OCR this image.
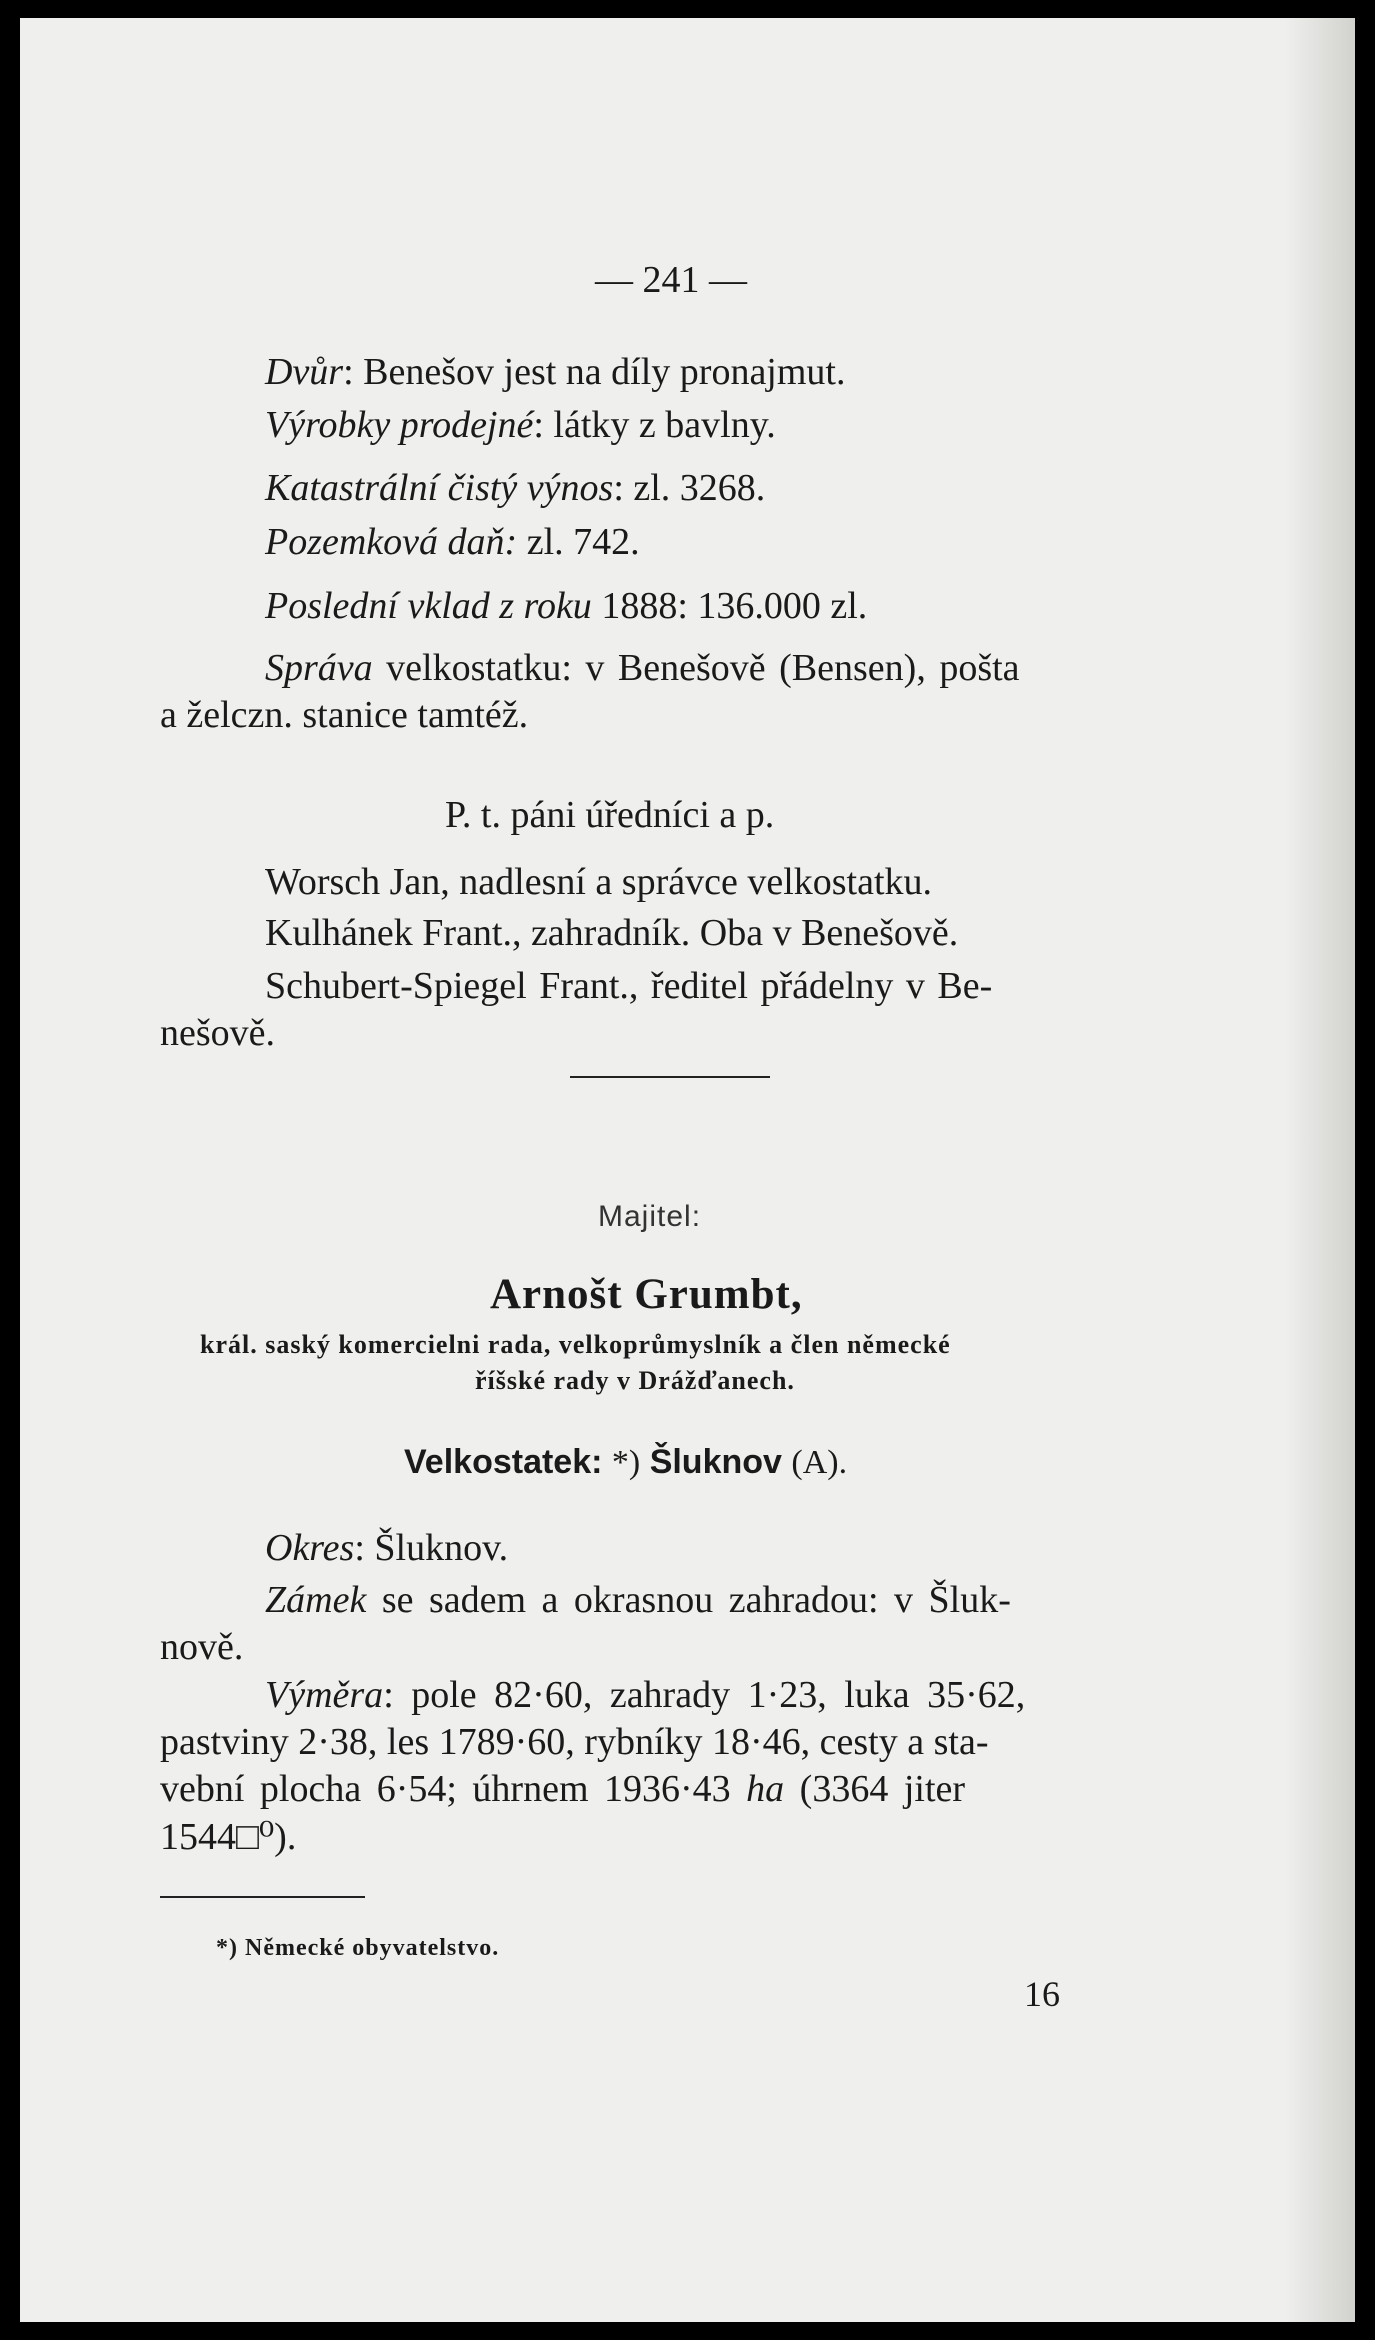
— 241 —
Dvůr: Benešov jest na díly pronajmut.
Výrobky prodejné: látky z bavlny.
Katastrální čistý výnos: zl. 3268.
Pozemková daň: zl. 742.
Poslední vklad z roku 1888: 136.000 zl.
Správa velkostatku: v Benešově (Bensen), pošta
a želczn. stanice tamtéž.
P. t. páni úředníci a p.
Worsch Jan, nadlesní a správce velkostatku.
Kulhánek Frant., zahradník. Oba v Benešově.
Schubert-Spiegel Frant., ředitel přádelny v Be-
nešově.
Majitel:
Arnošt Grumbt,
král. saský komercielni rada, velkoprůmyslník a člen německé
říšské rady v Drážďanech.
Velkostatek: *) Šluknov (A).
Okres: Šluknov.
Zámek se sadem a okrasnou zahradou: v Šluk-
nově.
Výměra: pole 82·60, zahrady 1·23, luka 35·62,
pastviny 2·38, les 1789·60, rybníky 18·46, cesty a sta-
vební plocha 6·54; úhrnem 1936·43 ha (3364 jiter
1544□⁰).
*) Německé obyvatelstvo.
16
